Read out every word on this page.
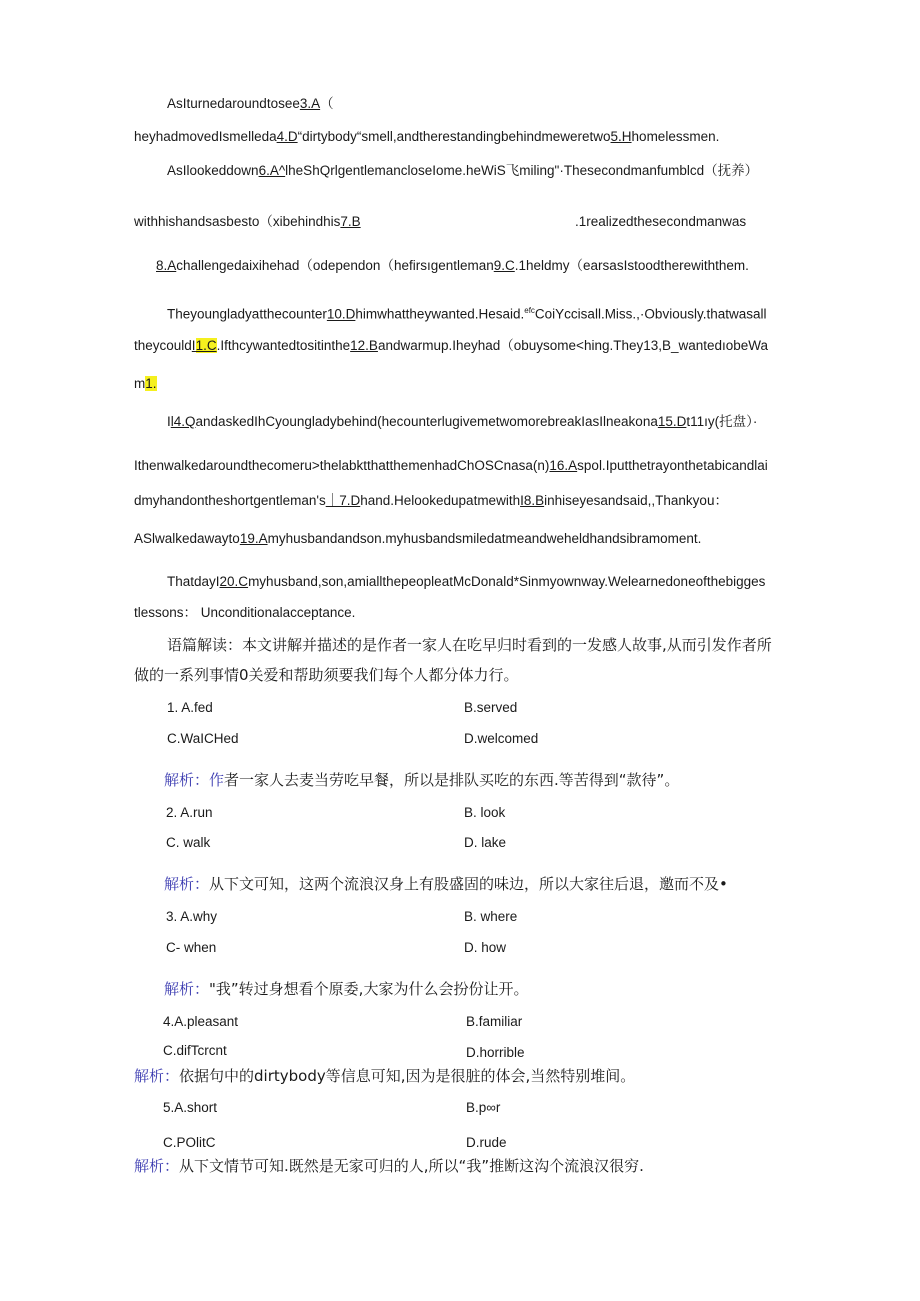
AsIturnedaroundtosee3.A（
heyhadmovedIsmelleda4.D“dirtybody“smell,andtherestandingbehindmeweretwo5.Hhomelessmen.
AsIlookeddown6.A^lheShQrlgentlemancloseIome.heWiS飞miling"·Thesecondmanfumblcd（抚养）
withhishandsasbesto（xibehindhis7.B	.1realizedthesecondmanwas
8.Achallengedaixihehad（odependon（hefirsıgentleman9.C.1heldmy（earsasIstoodtherewiththem.
Theyoungladyatthecounter10.Dhimwhattheywanted.Hesaid.$^{efc}$CoiYccisall.Miss.,·Obviously.thatwasall
theycouldI1.C.Ifthcywantedtositinthe12.Bandwarmup.Iheyhad（obuysome<hing.They13,B_wantedıobeWa
m1.
Il4.QandaskedIhCyoungladybehind(hecounterlugivemetwomorebreakIasIlneakona15.Dt11ıy(托盘）·
Ithenwalkedaroundthecomeru>thelabktthatthemenhadChOSCnasa(n)16.Aspol.Iputthetrayonthetabicandlai
dmyhandontheshortgentleman's｜7.Dhand.HelookedupatmewithI8.Binhiseyesandsaid,,Thankyou：
ASlwalkedawayto19.Amyhusbandandson.myhusbandsmiledatmeandweheldhandsibramoment.
ThatdayI20.Cmyhusband,son,amiallthepeopleatMcDonald*Sinmyownway.Welearnedoneofthebigges
tlessons： Unconditionalacceptance.
语篇解读：本文讲解并描述的是作者一家人在吃早归时看到的一发感人故事,从而引发作者所
做的一系列事情0关爱和帮助须要我们每个人都分体力行。
1. A.fed	B.served
C.WaICHed	D.welcomed
解析：作者一家人去麦当劳吃早餐，所以是排队买吃的东西.等苦得到“款待”。
2. A.run	B. look
C. walk	D. lake
解析：从下文可知，这两个流浪汉身上有股盛固的味边，所以大家往后退，邀而不及•
3. A.why	B. where
C- when	D. how
解析："我”转过身想看个原委,大家为什么会扮份让开。
4.A.pleasant	B.familiar
C.difTcrcnt	D.horrible
解析：依据句中的dirtybody等信息可知,因为是很脏的体会,当然特别堆间。
5.A.short	B.p∞r
C.POlitC	D.rude
解析：从下文情节可知.既然是无家可归的人,所以“我”推断这沟个流浪汉很穷.
